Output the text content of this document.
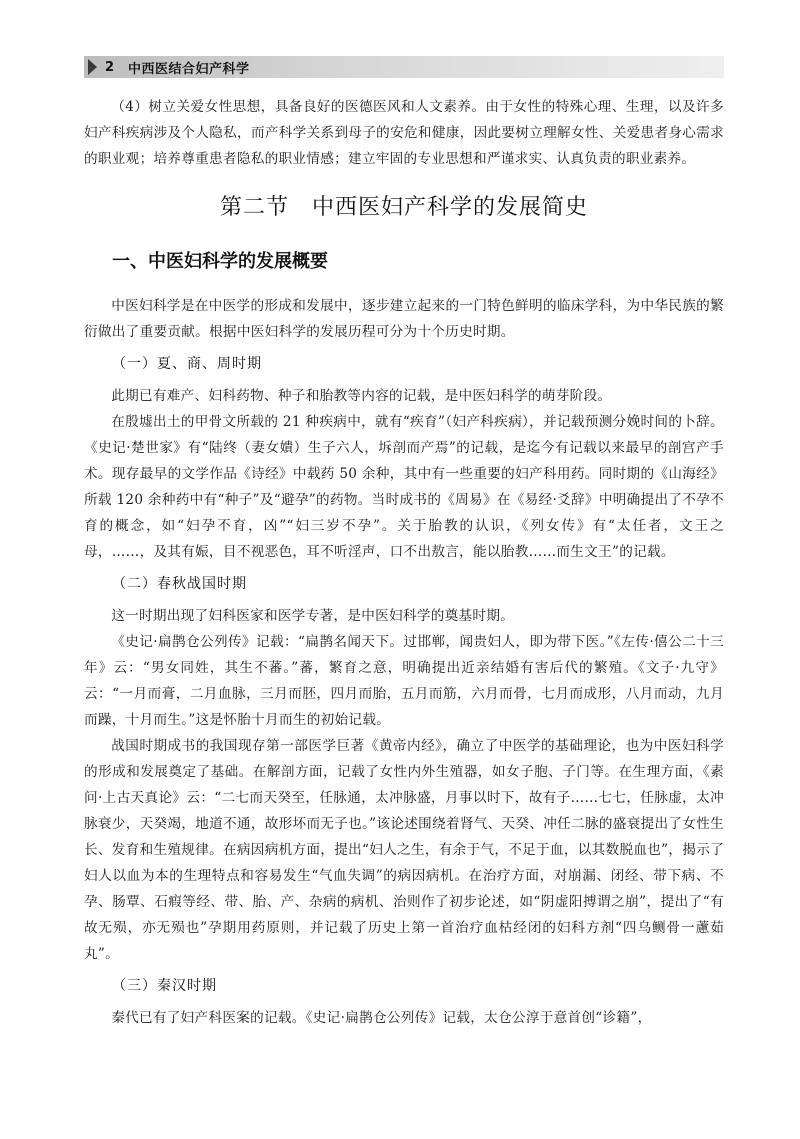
2 中西医结合妇产科学

（4）树立关爱女性思想，具备良好的医德医风和人文素养。由于女性的特殊心理、生理，以及许多妇产科疾病涉及个人隐私，而产科学关系到母子的安危和健康，因此要树立理解女性、关爱患者身心需求的职业观；培养尊重患者隐私的职业情感；建立牢固的专业思想和严谨求实、认真负责的职业素养。

第二节　中西医妇产科学的发展简史
一、中医妇科学的发展概要

中医妇科学是在中医学的形成和发展中，逐步建立起来的一门特色鲜明的临床学科，为中华民族的繁衍做出了重要贡献。根据中医妇科学的发展历程可分为十个历史时期。

（一）夏、商、周时期

此期已有难产、妇科药物、种子和胎教等内容的记载，是中医妇科学的萌芽阶段。

在殷墟出土的甲骨文所载的 21 种疾病中，就有“疾育”（妇产科疾病），并记载预测分娩时间的卜辞。《史记·楚世家》有“陆终（妻女嬇）生子六人，坼剖而产焉”的记载，是迄今有记载以来最早的剖宫产手术。现存最早的文学作品《诗经》中载药 50 余种，其中有一些重要的妇产科用药。同时期的《山海经》所载 120 余种药中有“种子”及“避孕”的药物。当时成书的《周易》在《易经·爻辞》中明确提出了不孕不育的概念，如“妇孕不育，凶”“妇三岁不孕”。关于胎教的认识，《列女传》有“太任者，文王之母，……，及其有娠，目不视恶色，耳不听淫声，口不出敖言，能以胎教……而生文王”的记载。

（二）春秋战国时期

这一时期出现了妇科医家和医学专著，是中医妇科学的奠基时期。

《史记·扁鹊仓公列传》记载：“扁鹊名闻天下。过邯郸，闻贵妇人，即为带下医。”《左传·僖公二十三年》云：“男女同姓，其生不蕃。”蕃，繁育之意，明确提出近亲结婚有害后代的繁殖。《文子·九守》云：“一月而膏，二月血脉，三月而胚，四月而胎，五月而筋，六月而骨，七月而成形，八月而动，九月而躁，十月而生。”这是怀胎十月而生的初始记载。

战国时期成书的我国现存第一部医学巨著《黄帝内经》，确立了中医学的基础理论，也为中医妇科学的形成和发展奠定了基础。在解剖方面，记载了女性内外生殖器，如女子胞、子门等。在生理方面，《素问·上古天真论》云：“二七而天癸至，任脉通，太冲脉盛，月事以时下，故有子……七七，任脉虚，太冲脉衰少，天癸竭，地道不通，故形坏而无子也。”该论述围绕着肾气、天癸、冲任二脉的盛衰提出了女性生长、发育和生殖规律。在病因病机方面，提出“妇人之生，有余于气，不足于血，以其数脱血也”，揭示了妇人以血为本的生理特点和容易发生“气血失调”的病因病机。在治疗方面，对崩漏、闭经、带下病、不孕、肠覃、石瘕等经、带、胎、产、杂病的病机、治则作了初步论述，如“阴虚阳搏谓之崩”，提出了“有故无殒，亦无殒也”孕期用药原则，并记载了历史上第一首治疗血枯经闭的妇科方剂“四乌鲗骨一藘茹丸”。

（三）秦汉时期

秦代已有了妇产科医案的记载。《史记·扁鹊仓公列传》记载，太仓公淳于意首创“诊籍”，
